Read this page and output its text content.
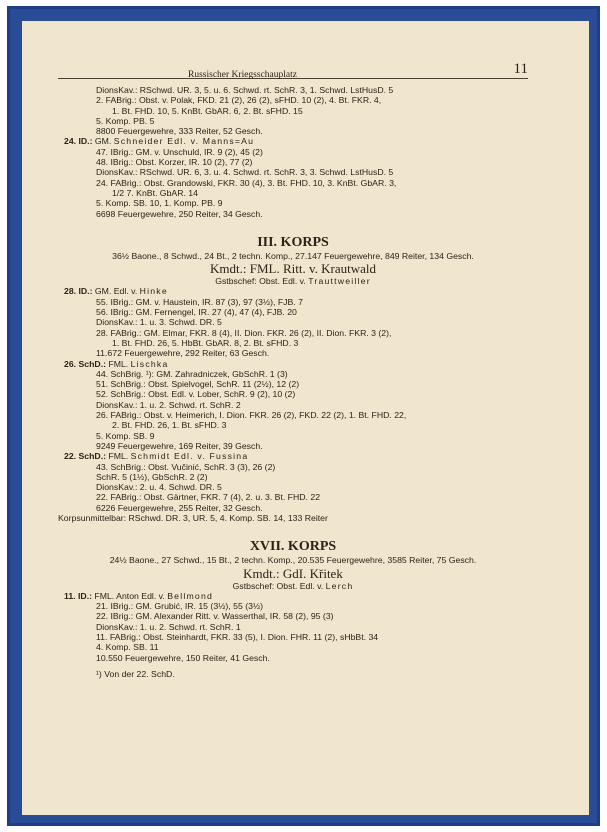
Russischer Kriegsschauplatz	11
DionsKav.: RSchwd. UR. 3, 5. u. 6. Schwd. rt. SchR. 3, 1. Schwd. LstHusD. 5
2. FABrig.: Obst. v. Polak, FKD. 21 (2), 26 (2), sFHD. 10 (2), 4. Bt. FKR. 4,
1. Bt. FHD. 10, 5. KnBt. GbAR. 6, 2. Bt. sFHD. 15
5. Komp. PB. 5
8800 Feuergewehre, 333 Reiter, 52 Gesch.
24. ID.: GM. Schneider Edl. v. Manns=Au
47. IBrig.: GM. v. Unschuld, IR. 9 (2), 45 (2)
48. IBrig.: Obst. Korzer, IR. 10 (2), 77 (2)
DionsKav.: RSchwd. UR. 6, 3. u. 4. Schwd. rt. SchR. 3, 3. Schwd. LstHusD. 5
24. FABrig.: Obst. Grandowski, FKR. 30 (4), 3. Bt. FHD. 10, 3. KnBt. GbAR. 3,
1/2 7. KnBt. GbAR. 14
5. Komp. SB. 10, 1. Komp. PB. 9
6698 Feuergewehre, 250 Reiter, 34 Gesch.
III. KORPS
36½ Baone., 8 Schwd., 24 Bt., 2 techn. Komp., 27.147 Feuergewehre, 849 Reiter, 134 Gesch.
Kmdt.: FML. Ritt. v. Krautwald
Gstbschef: Obst. Edl. v. Trauttweiller
28. ID.: GM. Edl. v. Hinke
55. IBrig.: GM. v. Haustein, IR. 87 (3), 97 (3½), FJB. 7
56. IBrig.: GM. Fernengel, IR. 27 (4), 47 (4), FJB. 20
DionsKav.: 1. u. 3. Schwd. DR. 5
28. FABrig.: GM. Elmar, FKR. 8 (4), II. Dion. FKR. 26 (2), II. Dion. FKR. 3 (2),
1. Bt. FHD. 26, 5. HbBt. GbAR. 8, 2. Bt. sFHD. 3
11.672 Feuergewehre, 292 Reiter, 63 Gesch.
26. SchD.: FML. Lischka
44. SchBrig. ¹): GM. Zahradniczek, GbSchR. 1 (3)
51. SchBrig.: Obst. Spielvogel, SchR. 11 (2½), 12 (2)
52. SchBrig.: Obst. Edl. v. Lober, SchR. 9 (2), 10 (2)
DionsKav.: 1. u. 2. Schwd. rt. SchR. 2
26. FABrig.: Obst. v. Heimerich, I. Dion. FKR. 26 (2), FKD. 22 (2), 1. Bt. FHD. 22,
2. Bt. FHD. 26, 1. Bt. sFHD. 3
5. Komp. SB. 9
9249 Feuergewehre, 169 Reiter, 39 Gesch.
22. SchD.: FML. Schmidt Edl. v. Fussina
43. SchBrig.: Obst. Vučinić, SchR. 3 (3), 26 (2)
SchR. 5 (1½), GbSchR. 2 (2)
DionsKav.: 2. u. 4. Schwd. DR. 5
22. FABrig.: Obst. Gärtner, FKR. 7 (4), 2. u. 3. Bt. FHD. 22
6226 Feuergewehre, 255 Reiter, 32 Gesch.
Korpsunmittelbar: RSchwd. DR. 3, UR. 5, 4. Komp. SB. 14, 133 Reiter
XVII. KORPS
24½ Baone., 27 Schwd., 15 Bt., 2 techn. Komp., 20.535 Feuergewehre, 3585 Reiter, 75 Gesch.
Kmdt.: GdI. Křitek
Gstbschef: Obst. Edl. v. Lerch
11. ID.: FML. Anton Edl. v. Bellmond
21. IBrig.: GM. Grubić, IR. 15 (3½), 55 (3½)
22. IBrig.: GM. Alexander Ritt. v. Wasserthal, IR. 58 (2), 95 (3)
DionsKav.: 1. u. 2. Schwd. rt. SchR. 1
11. FABrig.: Obst. Steinhardt, FKR. 33 (5), I. Dion. FHR. 11 (2), sHbBt. 34
4. Komp. SB. 11
10.550 Feuergewehre, 150 Reiter, 41 Gesch.
¹) Von der 22. SchD.
